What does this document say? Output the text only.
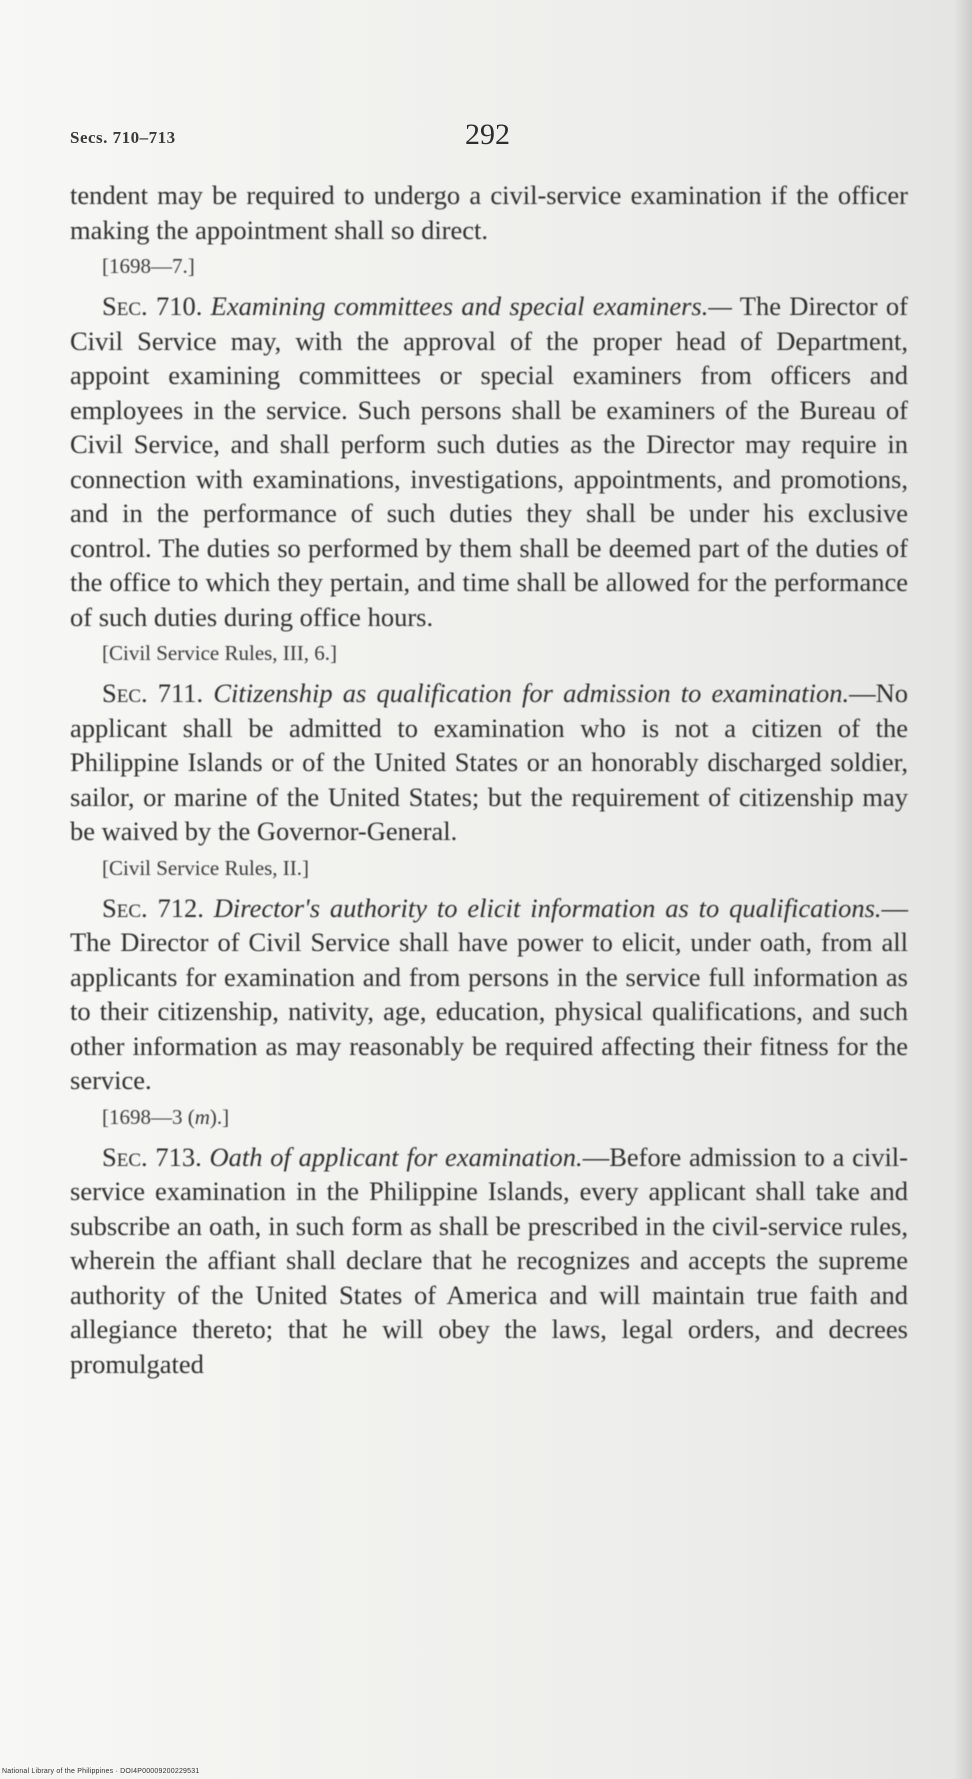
Secs. 710–713	292

tendent may be required to undergo a civil-service examination if the officer making the appointment shall so direct.

[1698—7.]

Sec. 710. Examining committees and special examiners.— The Director of Civil Service may, with the approval of the proper head of Department, appoint examining committees or special examiners from officers and employees in the service. Such persons shall be examiners of the Bureau of Civil Service, and shall perform such duties as the Director may require in connection with examinations, investigations, appointments, and promotions, and in the performance of such duties they shall be under his exclusive control. The duties so performed by them shall be deemed part of the duties of the office to which they pertain, and time shall be allowed for the performance of such duties during office hours.

[Civil Service Rules, III, 6.]

Sec. 711. Citizenship as qualification for admission to examination.—No applicant shall be admitted to examination who is not a citizen of the Philippine Islands or of the United States or an honorably discharged soldier, sailor, or marine of the United States; but the requirement of citizenship may be waived by the Governor-General.

[Civil Service Rules, II.]

Sec. 712. Director's authority to elicit information as to qualifications.—The Director of Civil Service shall have power to elicit, under oath, from all applicants for examination and from persons in the service full information as to their citizenship, nativity, age, education, physical qualifications, and such other information as may reasonably be required affecting their fitness for the service.

[1698—3 (m).]

Sec. 713. Oath of applicant for examination.—Before admission to a civil-service examination in the Philippine Islands, every applicant shall take and subscribe an oath, in such form as shall be prescribed in the civil-service rules, wherein the affiant shall declare that he recognizes and accepts the supreme authority of the United States of America and will maintain true faith and allegiance thereto; that he will obey the laws, legal orders, and decrees promulgated

National Library of the Philippines · DOI4P00009200229531
